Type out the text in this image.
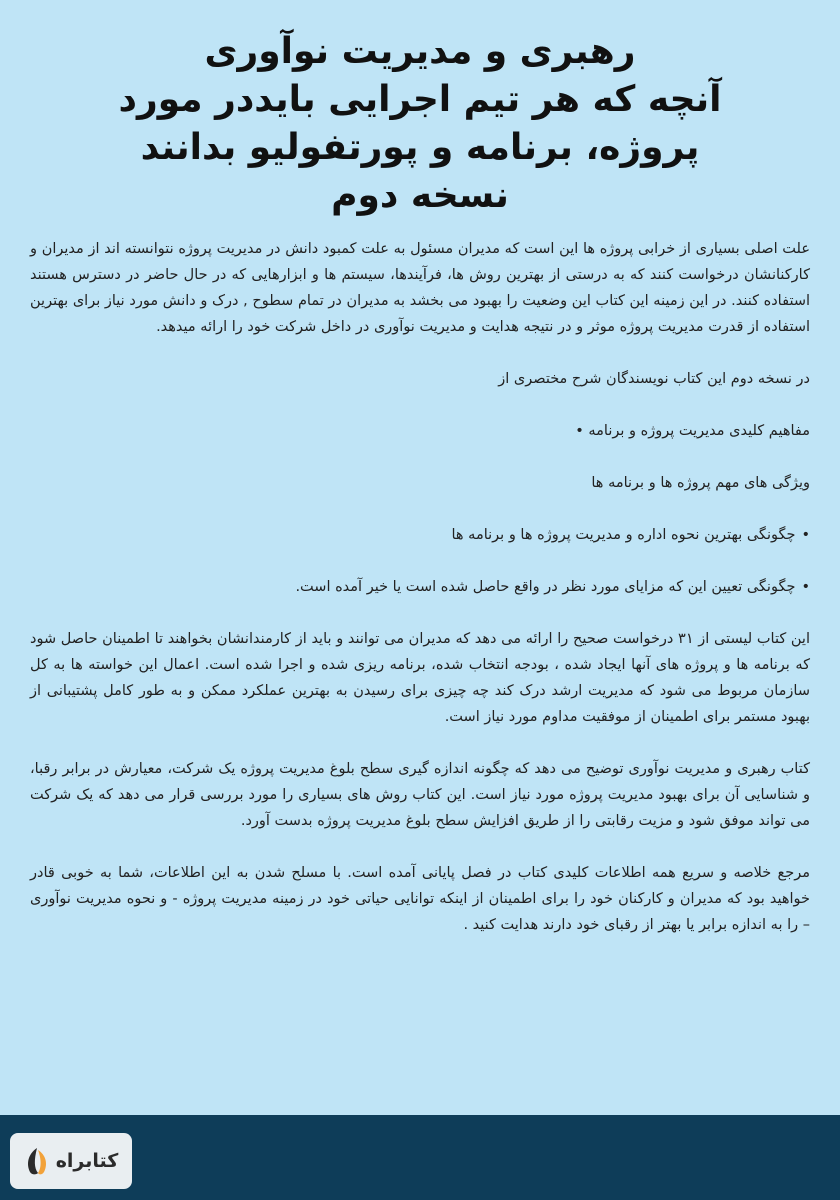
رهبری و مدیریت نوآوری
آنچه که هر تیم اجرایی بایددر مورد
پروژه، برنامه و پورتفولیو بدانند
نسخه دوم

علت اصلی بسیاری از خرابی پروژه ها این است که مدیران مسئول به علت کمبود دانش در مدیریت پروژه نتوانسته اند از مدیران و کارکنانشان درخواست کنند که به درستی از بهترین روش ها، فرآیندها، سیستم ها و ابزارهایی که در حال حاضر در دسترس هستند استفاده کنند. در این زمینه این کتاب این وضعیت را بهبود می بخشد به مدیران در تمام سطوح , درک و دانش مورد نیاز برای بهترین استفاده از قدرت مدیریت پروژه موثر و در نتیجه هدایت و مدیریت نوآوری در داخل شرکت خود را ارائه میدهد.

در نسخه دوم این کتاب نویسندگان شرح مختصری از

مفاهیم کلیدی مدیریت پروژه و برنامه •

ویژگی های مهم پروژه ها و برنامه ها

•چگونگی بهترین نحوه اداره و مدیریت پروژه ها و برنامه ها

•چگونگی تعیین این که مزایای مورد نظر در واقع حاصل شده است یا خیر آمده است.

این کتاب لیستی از ۳۱ درخواست صحیح را ارائه می دهد که مدیران می توانند و باید از کارمندانشان بخواهند تا اطمینان حاصل شود که برنامه ها و پروژه های آنها ایجاد شده ، بودجه انتخاب شده، برنامه ریزی شده و اجرا شده است. اعمال این خواسته ها به کل سازمان مربوط می شود که مدیریت ارشد درک کند چه چیزی برای رسیدن به بهترین عملکرد ممکن و به طور کامل پشتیبانی از بهبود مستمر برای اطمینان از موفقیت مداوم مورد نیاز است.

کتاب رهبری و مدیریت نوآوری توضیح می دهد که چگونه اندازه گیری سطح بلوغ مدیریت پروژه یک شرکت، معیارش در برابر رقبا، و شناسایی آن برای بهبود مدیریت پروژه مورد نیاز است. این کتاب روش های بسیاری را مورد بررسی قرار می دهد که یک شرکت می تواند موفق شود و مزیت رقابتی را از طریق افزایش سطح بلوغ مدیریت پروژه بدست آورد.

مرجع خلاصه و سریع همه اطلاعات کلیدی کتاب در فصل پایانی آمده است. با مسلح شدن به این اطلاعات، شما به خوبی قادر خواهید بود که مدیران و کارکنان خود را برای اطمینان از اینکه توانایی حیاتی خود در زمینه مدیریت پروژه - و نحوه مدیریت نوآوری – را به اندازه برابر یا بهتر از رقبای خود دارند هدایت کنید .

کتابراه
